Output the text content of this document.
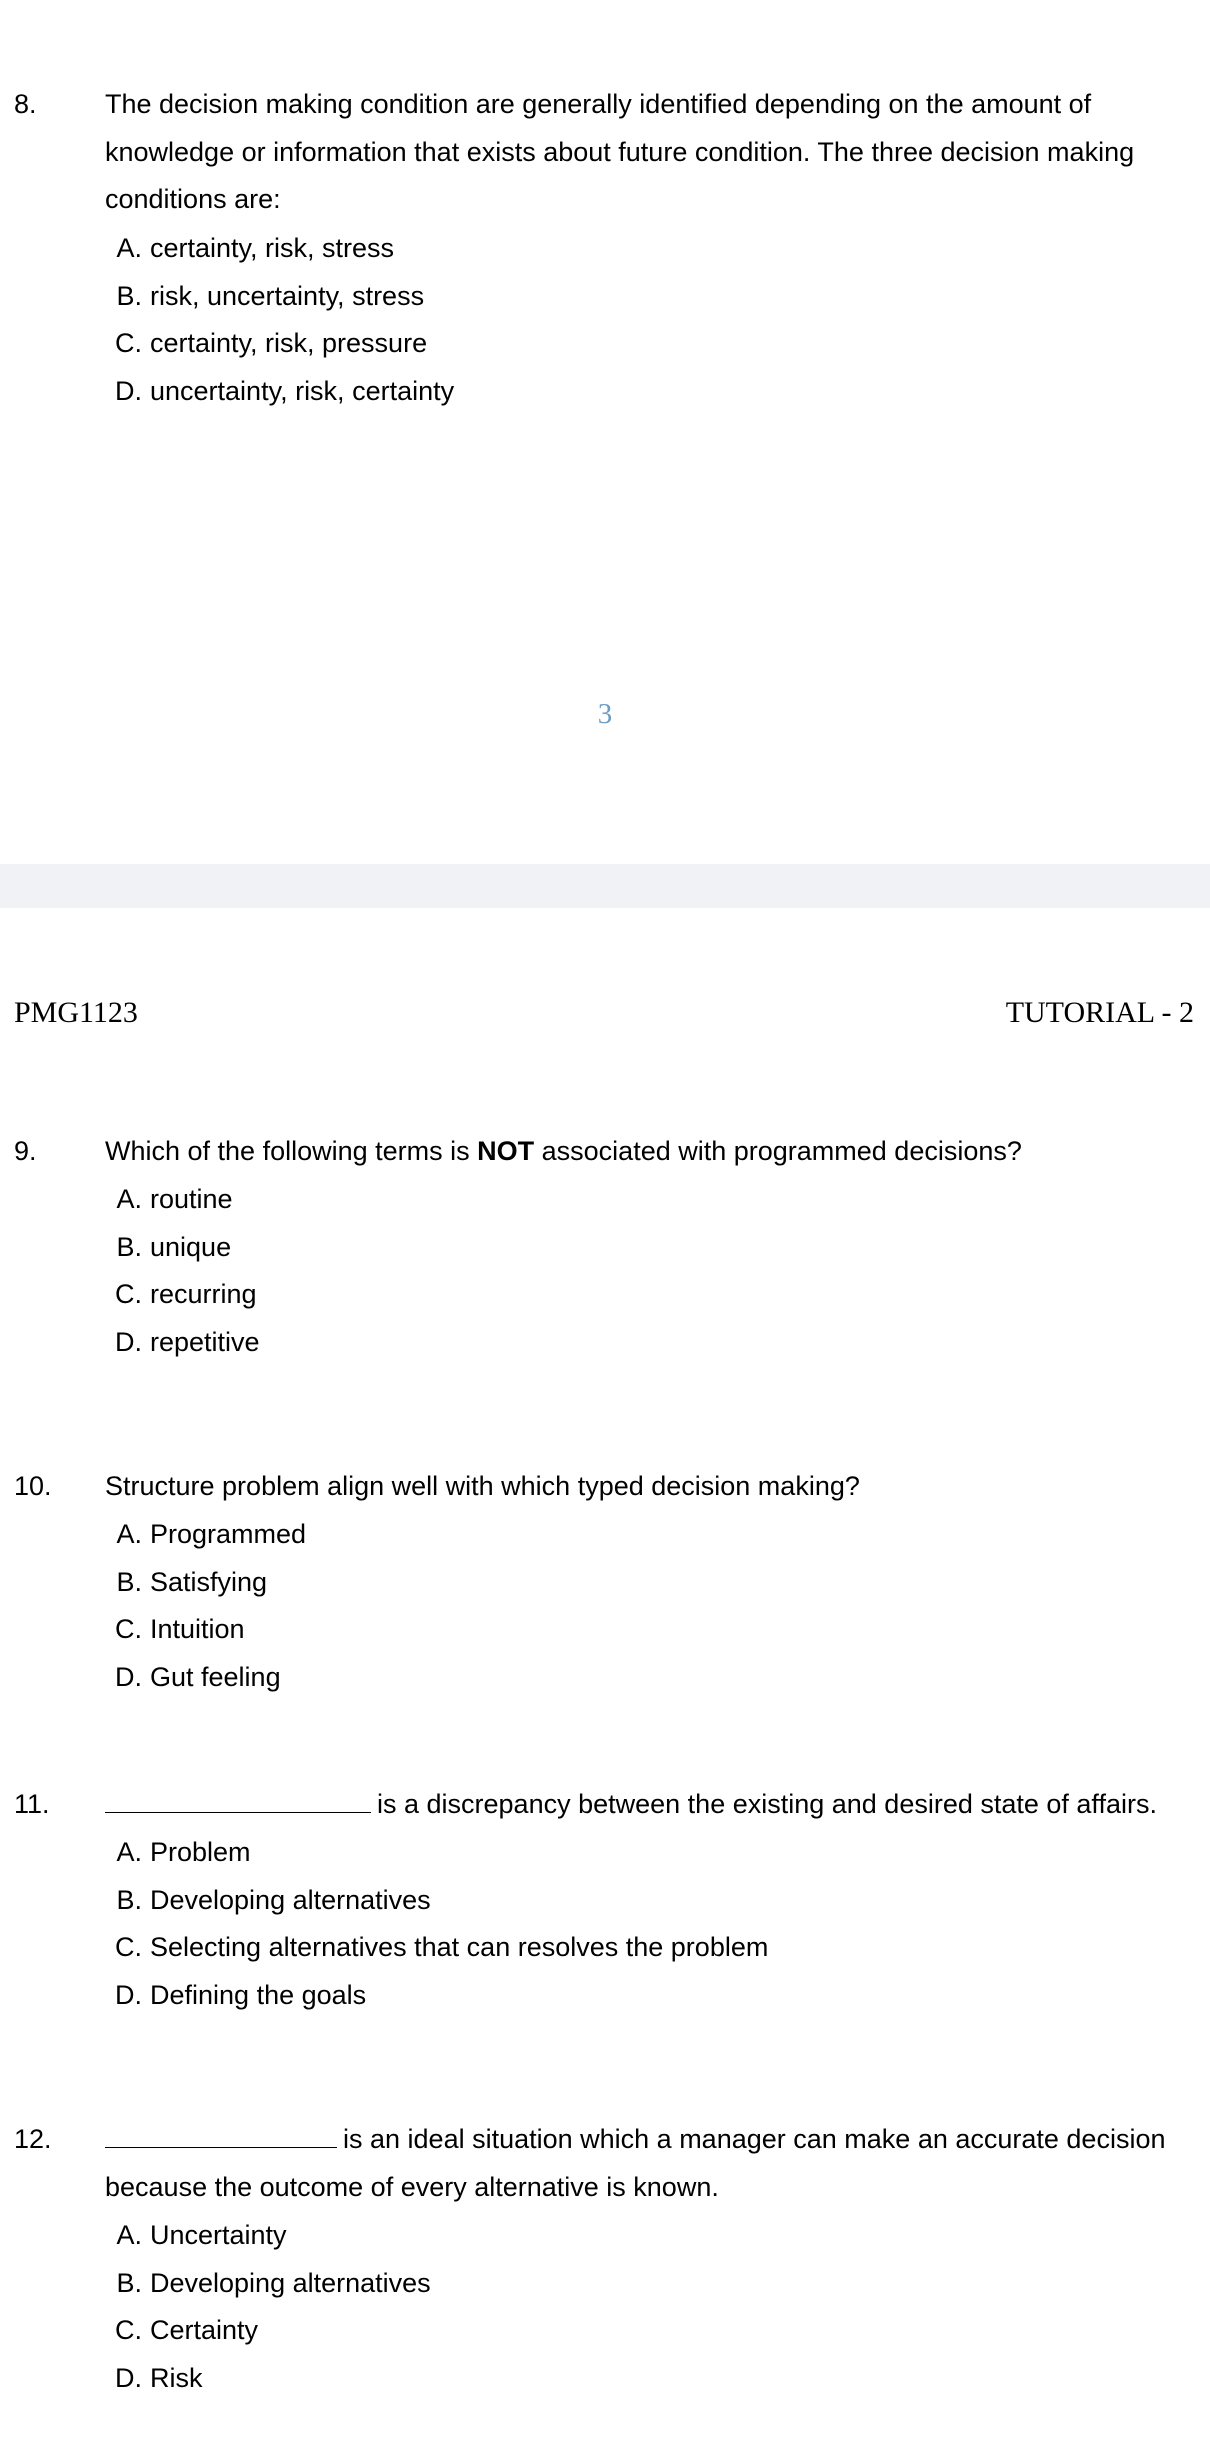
8.	The decision making condition are generally identified depending on the amount of knowledge or information that exists about future condition. The three decision making conditions are:

A. certainty, risk, stress
B. risk, uncertainty, stress
C. certainty, risk, pressure
D. uncertainty, risk, certainty
3
PMG1123	TUTORIAL - 2
9.	Which of the following terms is NOT associated with programmed decisions?

A. routine
B. unique
C. recurring
D. repetitive
10. Structure problem align well with which typed decision making?

A. Programmed
B. Satisfying
C. Intuition
D. Gut feeling
11.	is a discrepancy between the existing and desired state of affairs.

A. Problem
B. Developing alternatives
C. Selecting alternatives that can resolves the problem
D. Defining the goals
12.	is an ideal situation which a manager can make an accurate decision because the outcome of every alternative is known.

A. Uncertainty
B. Developing alternatives
C. Certainty
D. Risk
